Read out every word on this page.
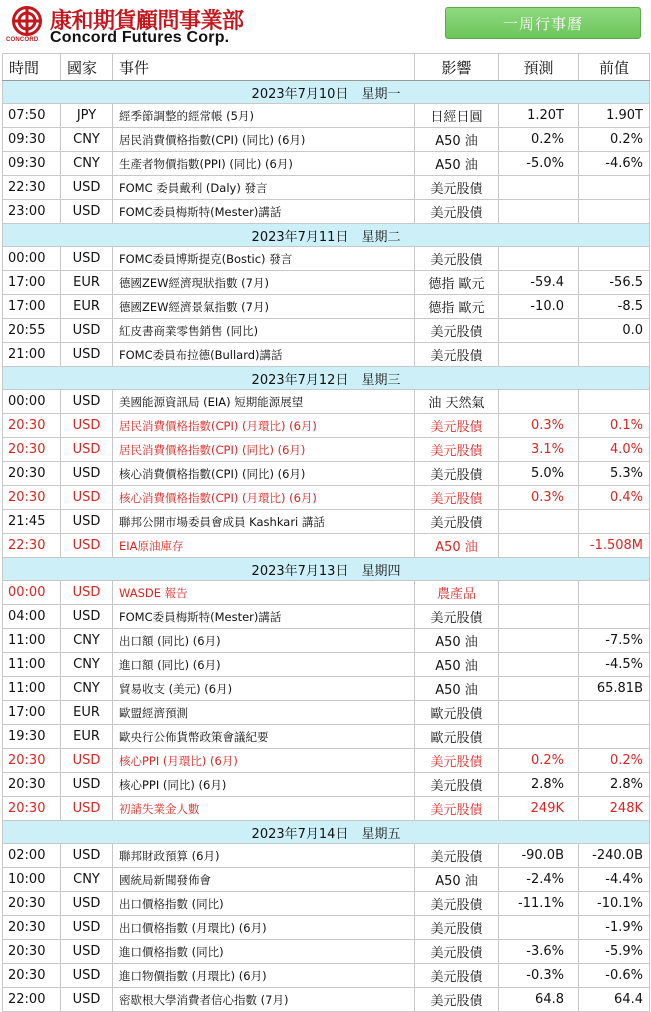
CONCORD
康和期貨顧問事業部
Concord Futures Corp.
一周行事曆
時間	國家	事件	影響	預測	前值
2023年7月10日　星期一					
07:50	JPY	經季節調整的經常帳 (5月)	日經日圓	1.20T	1.90T
09:30	CNY	居民消費價格指數(CPI) (同比) (6月)	A50 油	0.2%	0.2%
09:30	CNY	生產者物價指數(PPI) (同比) (6月)	A50 油	-5.0%	-4.6%
22:30	USD	FOMC 委員戴利 (Daly) 發言	美元股債		
23:00	USD	FOMC委員梅斯特(Mester)講話	美元股債		
2023年7月11日　星期二					
00:00	USD	FOMC委員博斯提克(Bostic) 發言	美元股債		
17:00	EUR	德國ZEW經濟現狀指數 (7月)	德指 歐元	-59.4	-56.5
17:00	EUR	德國ZEW經濟景氣指數 (7月)	德指 歐元	-10.0	-8.5
20:55	USD	紅皮書商業零售銷售 (同比)	美元股債		0.0
21:00	USD	FOMC委員布拉德(Bullard)講話	美元股債		
2023年7月12日　星期三					
00:00	USD	美國能源資訊局 (EIA) 短期能源展望	油 天然氣		
20:30	USD	居民消費價格指數(CPI) (月環比) (6月)	美元股債	0.3%	0.1%
20:30	USD	居民消費價格指數(CPI) (同比) (6月)	美元股債	3.1%	4.0%
20:30	USD	核心消費價格指數(CPI) (同比) (6月)	美元股債	5.0%	5.3%
20:30	USD	核心消費價格指數(CPI) (月環比) (6月)	美元股債	0.3%	0.4%
21:45	USD	聯邦公開市場委員會成員 Kashkari 講話	美元股債		
22:30	USD	EIA原油庫存	A50 油		-1.508M
2023年7月13日　星期四					
00:00	USD	WASDE 報告	農產品		
04:00	USD	FOMC委員梅斯特(Mester)講話	美元股債		
11:00	CNY	出口額 (同比) (6月)	A50 油		-7.5%
11:00	CNY	進口額 (同比) (6月)	A50 油		-4.5%
11:00	CNY	貿易收支 (美元) (6月)	A50 油		65.81B
17:00	EUR	歐盟經濟預測	歐元股債		
19:30	EUR	歐央行公佈貨幣政策會議紀要	歐元股債		
20:30	USD	核心PPI (月環比) (6月)	美元股債	0.2%	0.2%
20:30	USD	核心PPI (同比) (6月)	美元股債	2.8%	2.8%
20:30	USD	初請失業金人數	美元股債	249K	248K
2023年7月14日　星期五					
02:00	USD	聯邦財政預算 (6月)	美元股債	-90.0B	-240.0B
10:00	CNY	國統局新聞發佈會	A50 油	-2.4%	-4.4%
20:30	USD	出口價格指數 (同比)	美元股債	-11.1%	-10.1%
20:30	USD	出口價格指數 (月環比) (6月)	美元股債		-1.9%
20:30	USD	進口價格指數 (同比)	美元股債	-3.6%	-5.9%
20:30	USD	進口物價指數 (月環比) (6月)	美元股債	-0.3%	-0.6%
22:00	USD	密歇根大學消費者信心指數 (7月)	美元股債	64.8	64.4
